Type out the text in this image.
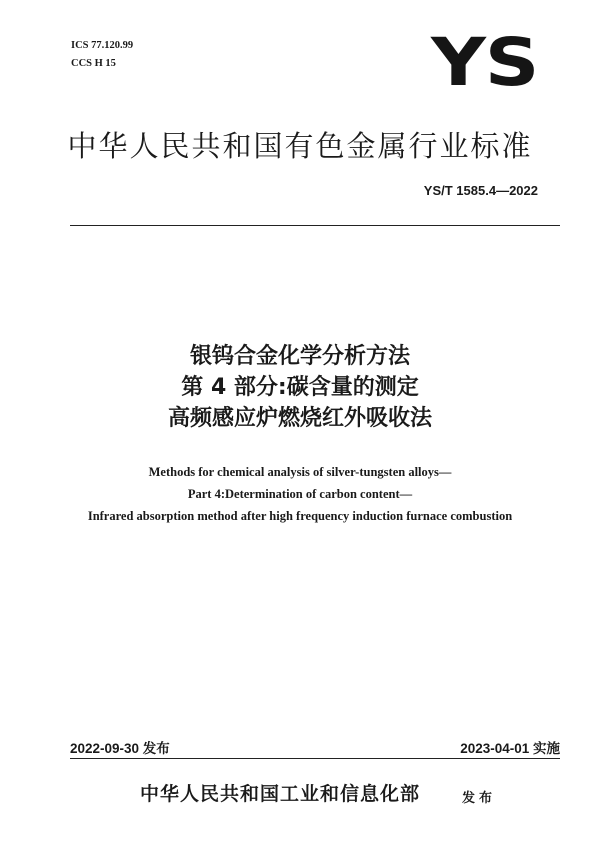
ICS 77.120.99
CCS H 15	YS
中华人民共和国有色金属行业标准
YS/T 1585.4—2022
银钨合金化学分析方法
第 4 部分:碳含量的测定
高频感应炉燃烧红外吸收法
Methods for chemical analysis of silver-tungsten alloys—
Part 4:Determination of carbon content—
Infrared absorption method after high frequency induction furnace combustion
2022-09-30 发布	2023-04-01 实施
中华人民共和国工业和信息化部	发布
